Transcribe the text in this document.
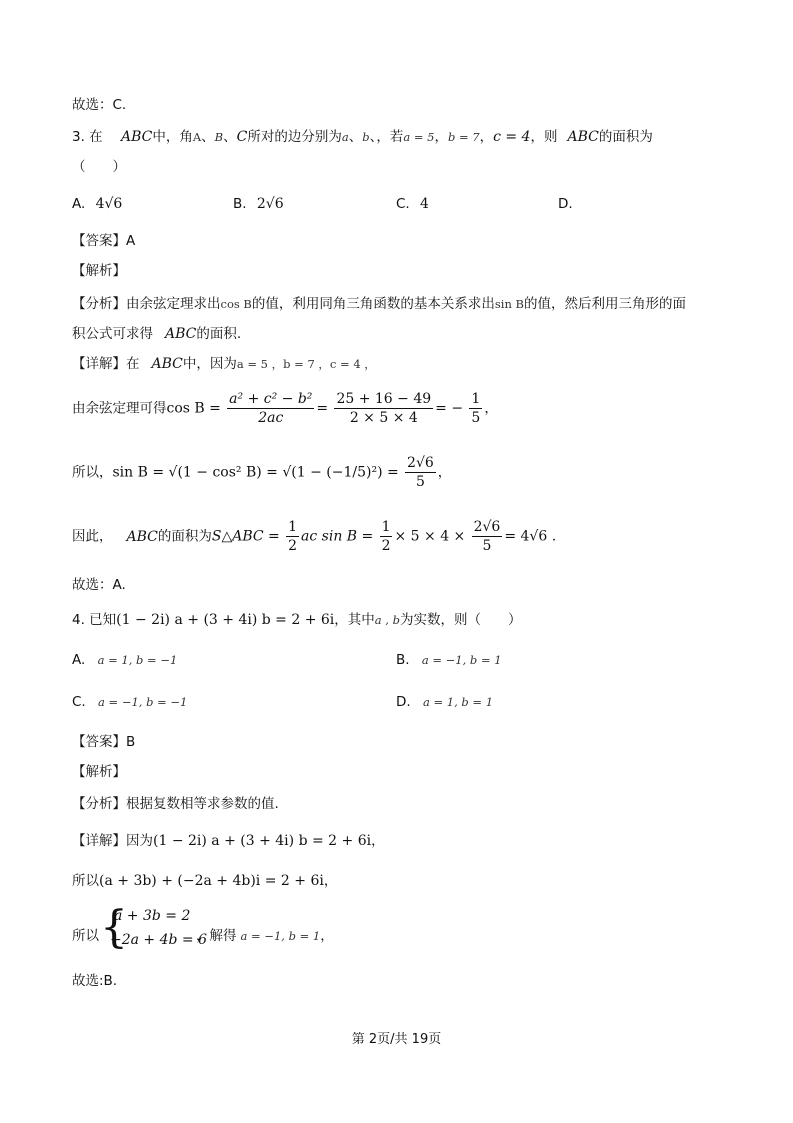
故选：C.
3. 在 ABC中，角A、B、C所对的边分别为a、b、，若a = 5，b = 7，c = 4，则 ABC的面积为
（　　）
A. 4√6	B. 2√6	C. 4	D.
【答案】A
【解析】
【分析】由余弦定理求出cos B的值，利用同角三角函数的基本关系求出sin B的值，然后利用三角形的面
积公式可求得 ABC的面积.
【详解】在 ABC中，因为a = 5 ，b = 7 ，c = 4 ，
由余弦定理可得$\cos B = \frac{\text{a² + c² − b²}}{2ac} = \frac{25 + 16 - 49}{2 \times 5 \times 4}$ = − $\frac{1}{5}$ ，
所以，sin B = √(1 − cos² $B) = √(1 - (-1/5)^2) = \frac{2√6}{5}$ ，
因此， ABC的面积为S△ABC = $\frac{1}{2}$ ac $\sin B = \frac{1}{2} \times 5 \times 4 \times \frac{2√6}{5} = 4√6$ .
故选：A.
4. 已知(1 − 2i) a + (3 + 4i) b = 2 + 6i，其中a , b为实数，则（　　）
A. a = 1, b = −1	B. a = −1, b = 1
C. a = −1, b = −1	D. a = 1, b = 1
【答案】B
【解析】
【分析】根据复数相等求参数的值.
【详解】因为(1 − 2i) a + (3 + 4i) b = 2 + 6i，
所以(a + 3b) + (−2a + 4b)i = 2 + 6i，
所以 {
a + 3b = 2
−2a + 4b = 6
，解得 a = −1, b = 1，
故选:B.
第 2页/共 19页
